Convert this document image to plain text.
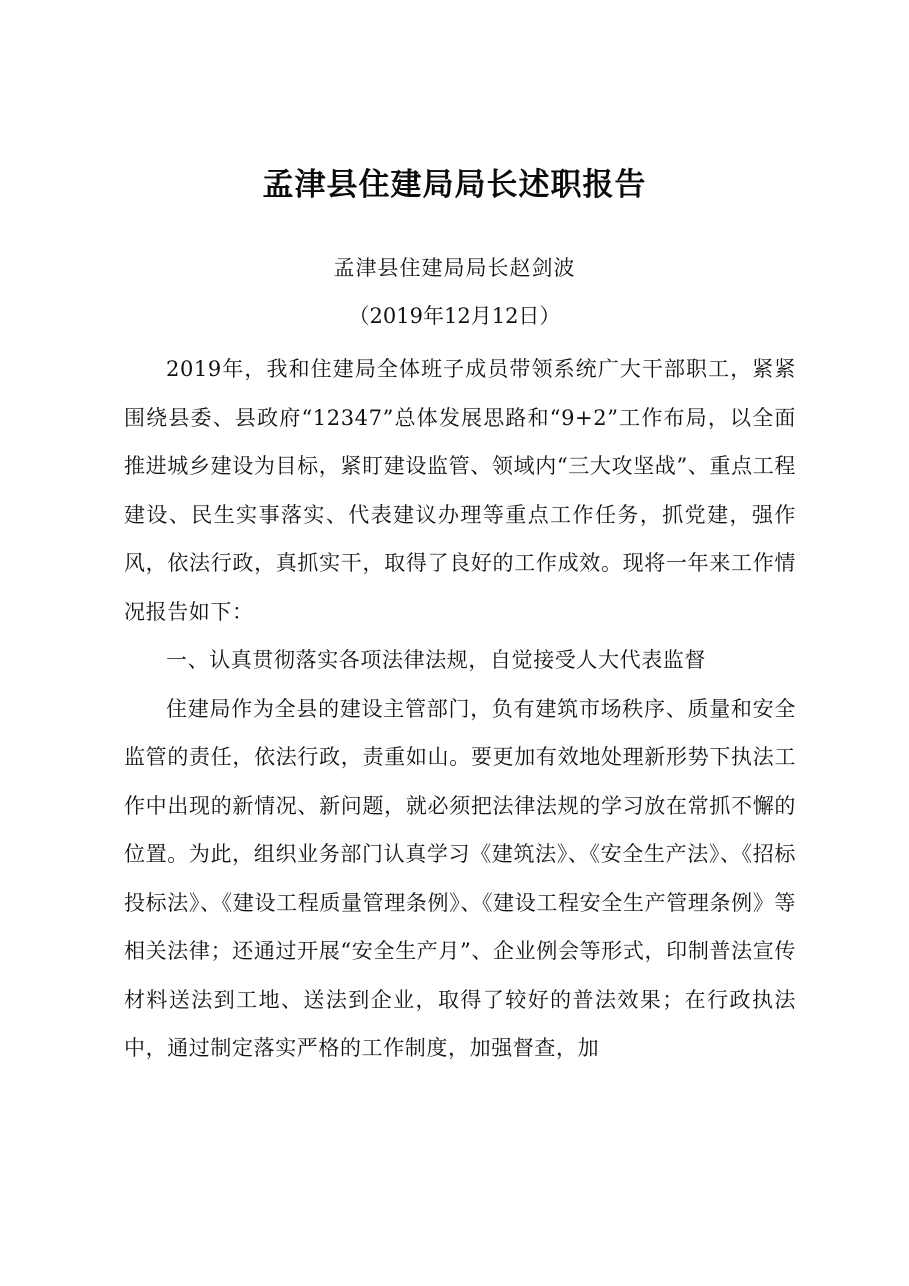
孟津县住建局局长述职报告
孟津县住建局局长赵剑波
（2019年12月12日）

2019年，我和住建局全体班子成员带领系统广大干部职工，紧紧围绕县委、县政府“12347”总体发展思路和“9+2”工作布局，以全面推进城乡建设为目标，紧盯建设监管、领域内“三大攻坚战”、重点工程建设、民生实事落实、代表建议办理等重点工作任务，抓党建，强作风，依法行政，真抓实干，取得了良好的工作成效。现将一年来工作情况报告如下：

一、认真贯彻落实各项法律法规，自觉接受人大代表监督

住建局作为全县的建设主管部门，负有建筑市场秩序、质量和安全监管的责任，依法行政，责重如山。要更加有效地处理新形势下执法工作中出现的新情况、新问题，就必须把法律法规的学习放在常抓不懈的位置。为此，组织业务部门认真学习《建筑法》、《安全生产法》、《招标投标法》、《建设工程质量管理条例》、《建设工程安全生产管理条例》等相关法律；还通过开展“安全生产月”、企业例会等形式，印制普法宣传材料送法到工地、送法到企业，取得了较好的普法效果；在行政执法中，通过制定落实严格的工作制度，加强督查，加
